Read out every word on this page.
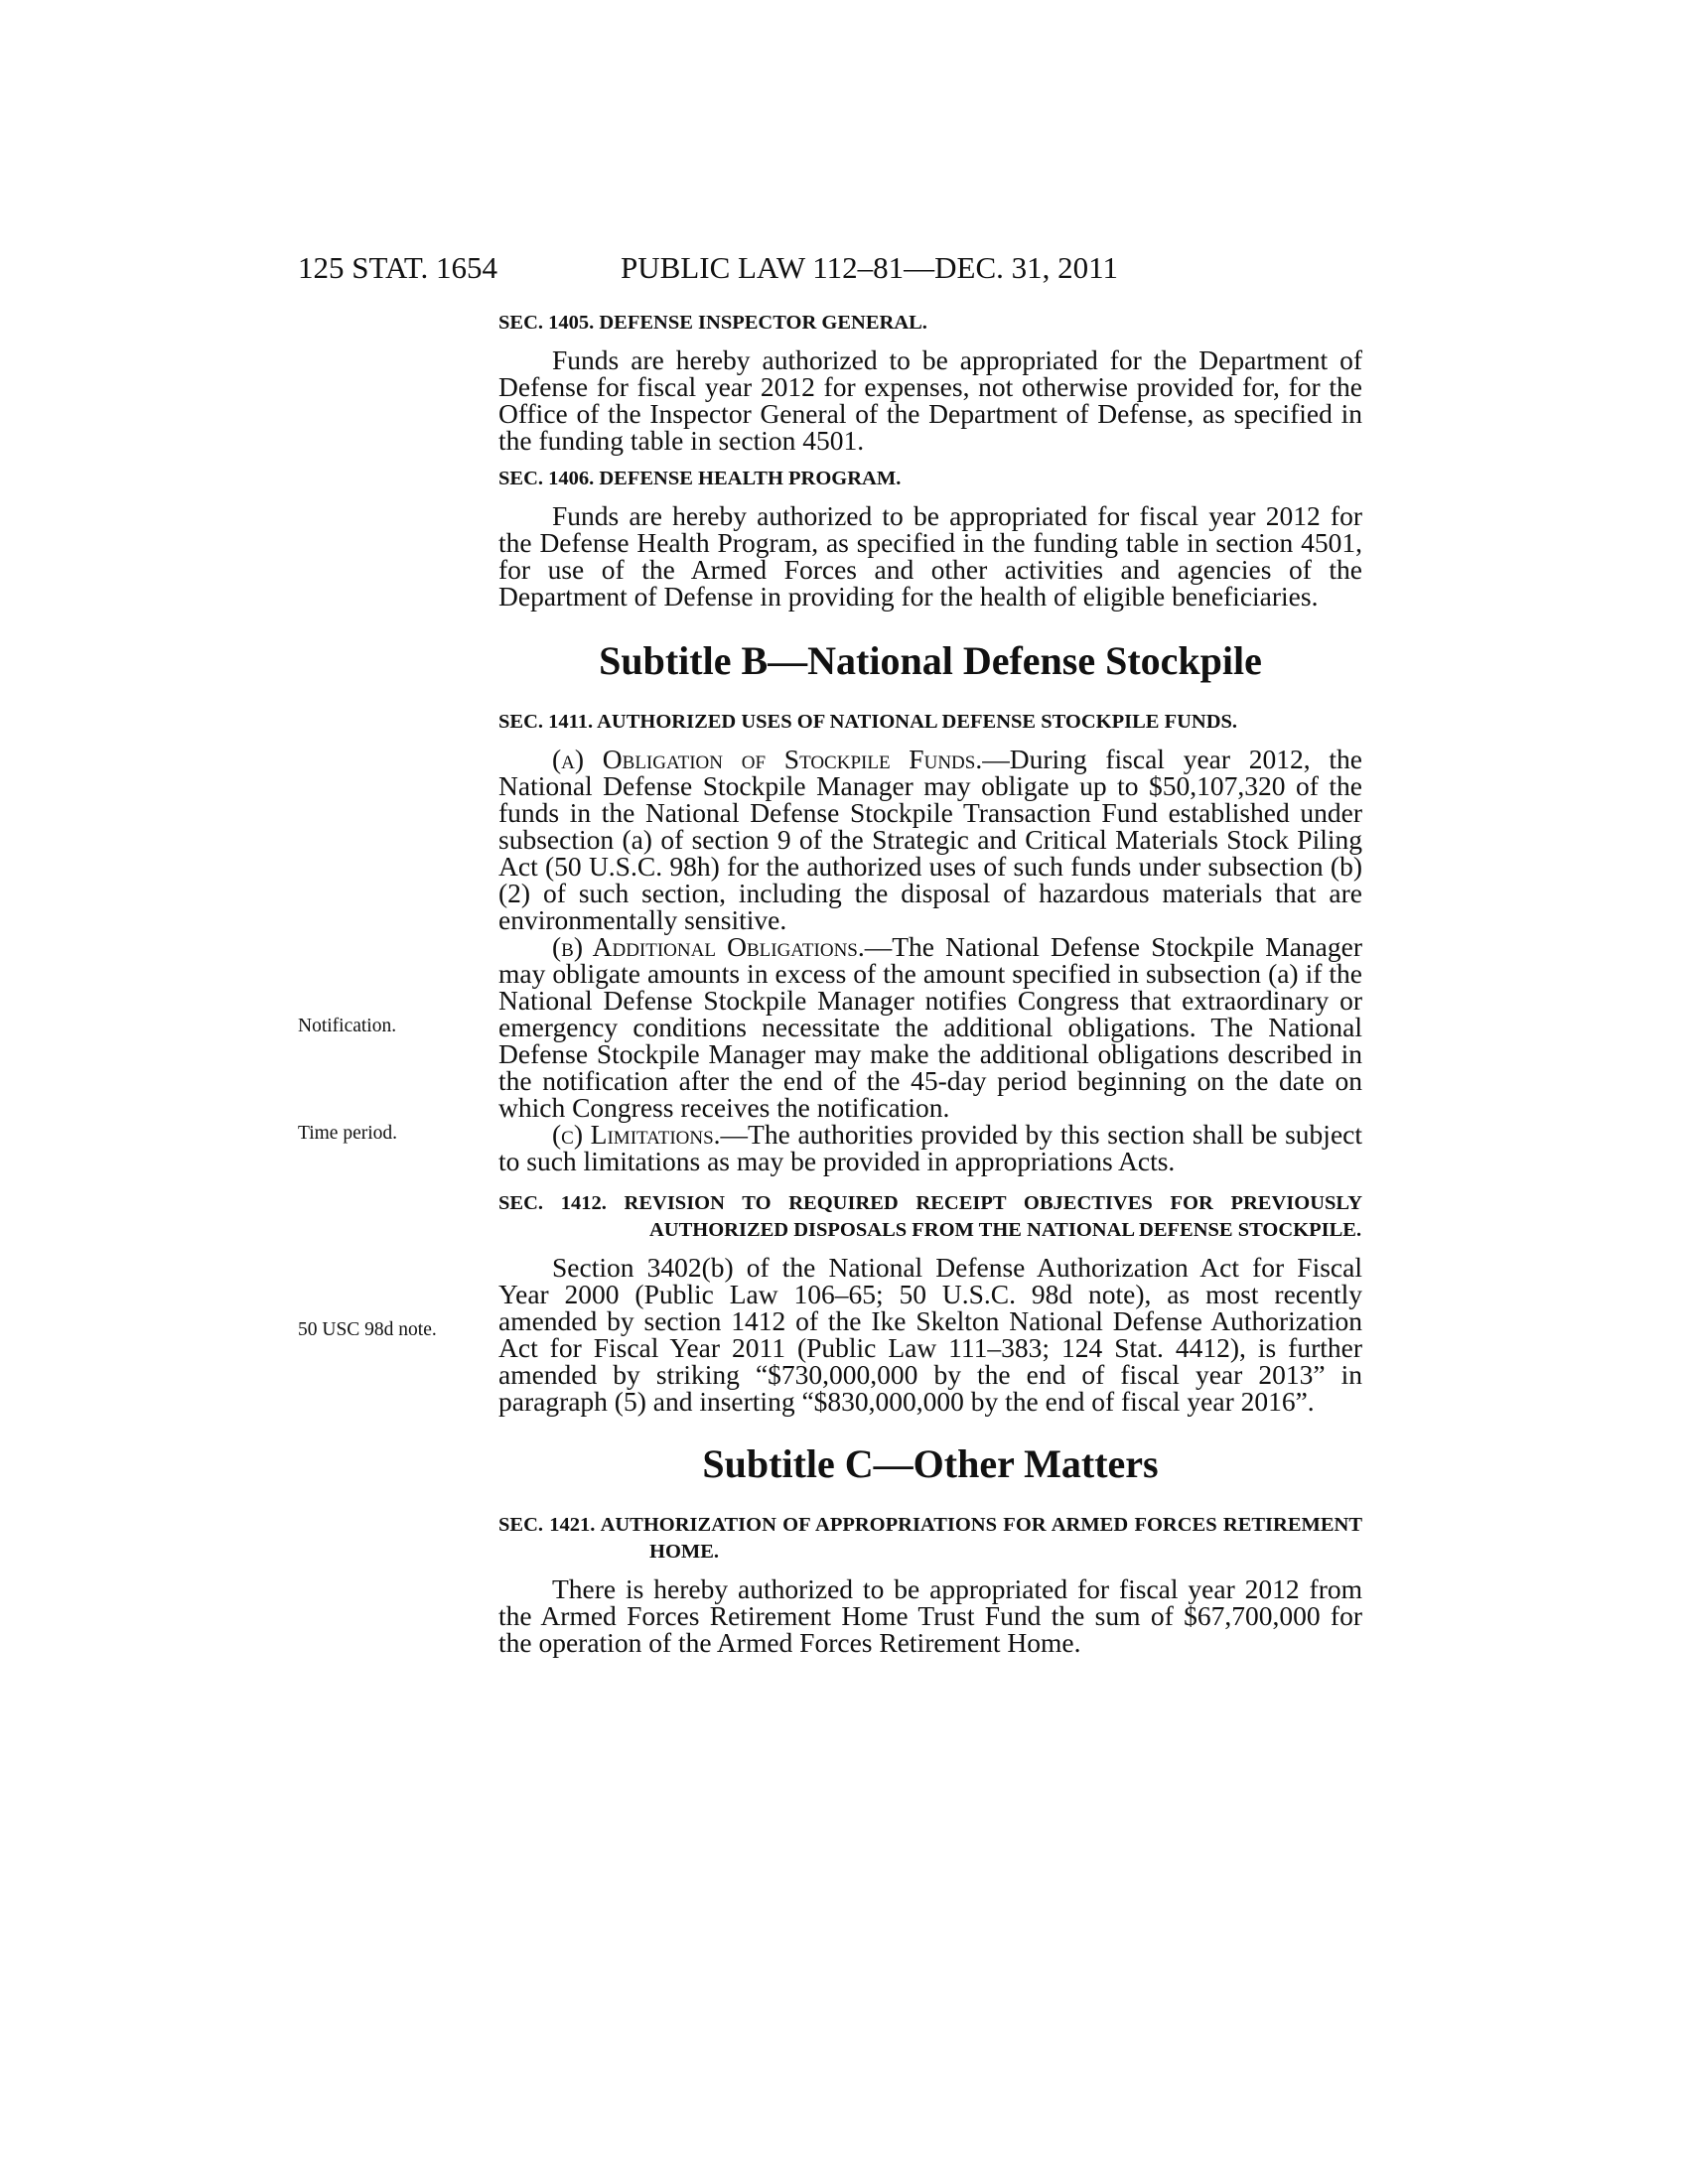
125 STAT. 1654	PUBLIC LAW 112–81—DEC. 31, 2011
Notification.
Time period.
50 USC 98d note.
SEC. 1405. DEFENSE INSPECTOR GENERAL.
Funds are hereby authorized to be appropriated for the Department of Defense for fiscal year 2012 for expenses, not otherwise provided for, for the Office of the Inspector General of the Department of Defense, as specified in the funding table in section 4501.
SEC. 1406. DEFENSE HEALTH PROGRAM.
Funds are hereby authorized to be appropriated for fiscal year 2012 for the Defense Health Program, as specified in the funding table in section 4501, for use of the Armed Forces and other activities and agencies of the Department of Defense in providing for the health of eligible beneficiaries.
Subtitle B—National Defense Stockpile
SEC. 1411. AUTHORIZED USES OF NATIONAL DEFENSE STOCKPILE FUNDS.
(a) Obligation of Stockpile Funds.—During fiscal year 2012, the National Defense Stockpile Manager may obligate up to $50,107,320 of the funds in the National Defense Stockpile Transaction Fund established under subsection (a) of section 9 of the Strategic and Critical Materials Stock Piling Act (50 U.S.C. 98h) for the authorized uses of such funds under subsection (b)(2) of such section, including the disposal of hazardous materials that are environmentally sensitive.
(b) Additional Obligations.—The National Defense Stockpile Manager may obligate amounts in excess of the amount specified in subsection (a) if the National Defense Stockpile Manager notifies Congress that extraordinary or emergency conditions necessitate the additional obligations. The National Defense Stockpile Manager may make the additional obligations described in the notification after the end of the 45-day period beginning on the date on which Congress receives the notification.
(c) Limitations.—The authorities provided by this section shall be subject to such limitations as may be provided in appropriations Acts.
SEC. 1412. REVISION TO REQUIRED RECEIPT OBJECTIVES FOR PREVIOUSLY AUTHORIZED DISPOSALS FROM THE NATIONAL DEFENSE STOCKPILE.
Section 3402(b) of the National Defense Authorization Act for Fiscal Year 2000 (Public Law 106–65; 50 U.S.C. 98d note), as most recently amended by section 1412 of the Ike Skelton National Defense Authorization Act for Fiscal Year 2011 (Public Law 111–383; 124 Stat. 4412), is further amended by striking “$730,000,000 by the end of fiscal year 2013” in paragraph (5) and inserting “$830,000,000 by the end of fiscal year 2016”.
Subtitle C—Other Matters
SEC. 1421. AUTHORIZATION OF APPROPRIATIONS FOR ARMED FORCES RETIREMENT HOME.
There is hereby authorized to be appropriated for fiscal year 2012 from the Armed Forces Retirement Home Trust Fund the sum of $67,700,000 for the operation of the Armed Forces Retirement Home.
